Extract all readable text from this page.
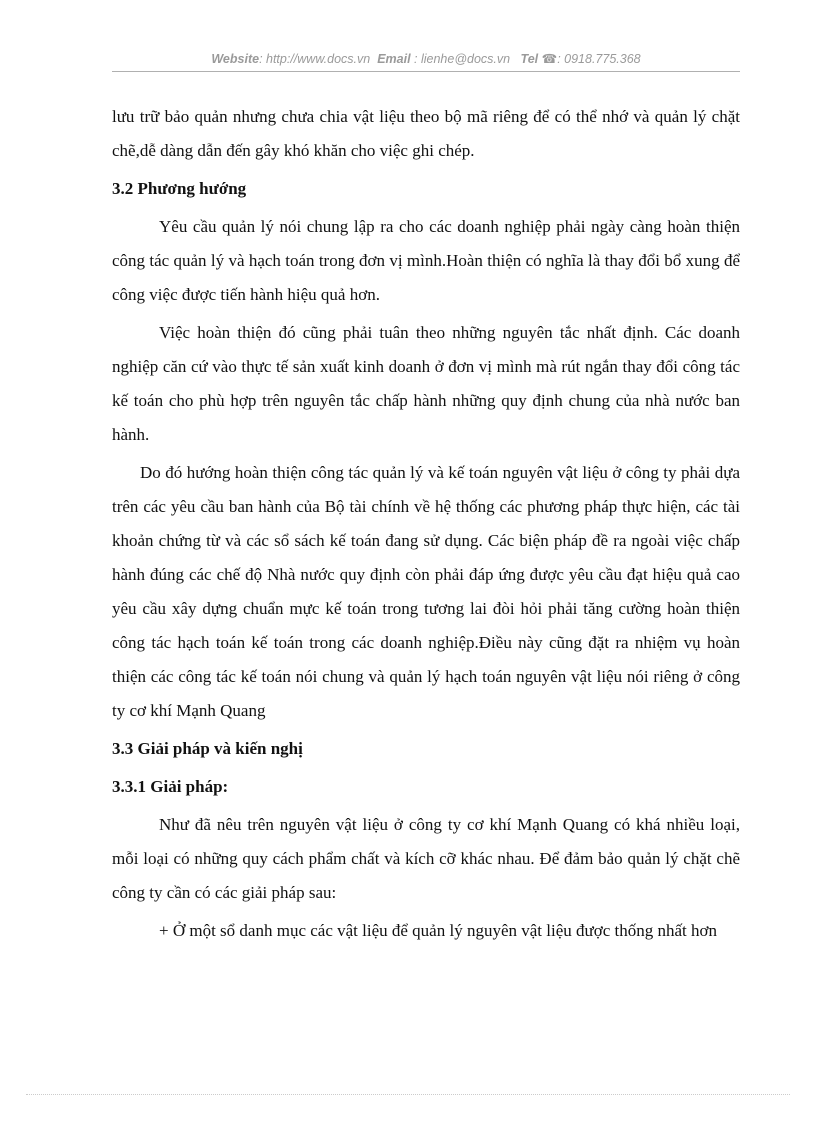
Website: http://www.docs.vn Email : lienhe@docs.vn Tel ☎: 0918.775.368

lưu trữ bảo quản nhưng chưa chia vật liệu theo bộ mã riêng để có thể nhớ và quản lý chặt chẽ,dễ dàng dẫn đến gây khó khăn cho việc ghi chép.

3.2 Phương hướng

Yêu cầu quản lý nói chung lập ra cho các doanh nghiệp phải ngày càng hoàn thiện công tác quản lý và hạch toán trong đơn vị mình.Hoàn thiện có nghĩa là thay đổi bổ xung để công việc được tiến hành hiệu quả hơn.

Việc hoàn thiện đó cũng phải tuân theo những nguyên tắc nhất định. Các doanh nghiệp căn cứ vào thực tế sản xuất kinh doanh ở đơn vị mình mà rút ngắn thay đổi công tác kế toán cho phù hợp trên nguyên tắc chấp hành những quy định chung của nhà nước ban hành.

Do đó hướng hoàn thiện công tác quản lý và kế toán nguyên vật liệu ở công ty phải dựa trên các yêu cầu ban hành của Bộ tài chính về hệ thống các phương pháp thực hiện, các tài khoản chứng từ và các sổ sách kế toán đang sử dụng. Các biện pháp đề ra ngoài việc chấp hành đúng các chế độ Nhà nước quy định còn phải đáp ứng được yêu cầu đạt hiệu quả cao yêu cầu xây dựng chuẩn mực kế toán trong tương lai đòi hỏi phải tăng cường hoàn thiện công tác hạch toán kế toán trong các doanh nghiệp.Điều này cũng đặt ra nhiệm vụ hoàn thiện các công tác kế toán nói chung và quản lý hạch toán nguyên vật liệu nói riêng ở công ty cơ khí Mạnh Quang

3.3 Giải pháp và kiến nghị
3.3.1 Giải pháp:

Như đã nêu trên nguyên vật liệu ở công ty cơ khí Mạnh Quang có khá nhiều loại, mỗi loại có những quy cách phẩm chất và kích cỡ khác nhau. Để đảm bảo quản lý chặt chẽ công ty cần có các giải pháp sau:

+ Ở một sổ danh mục các vật liệu để quản lý nguyên vật liệu được thống nhất hơn
